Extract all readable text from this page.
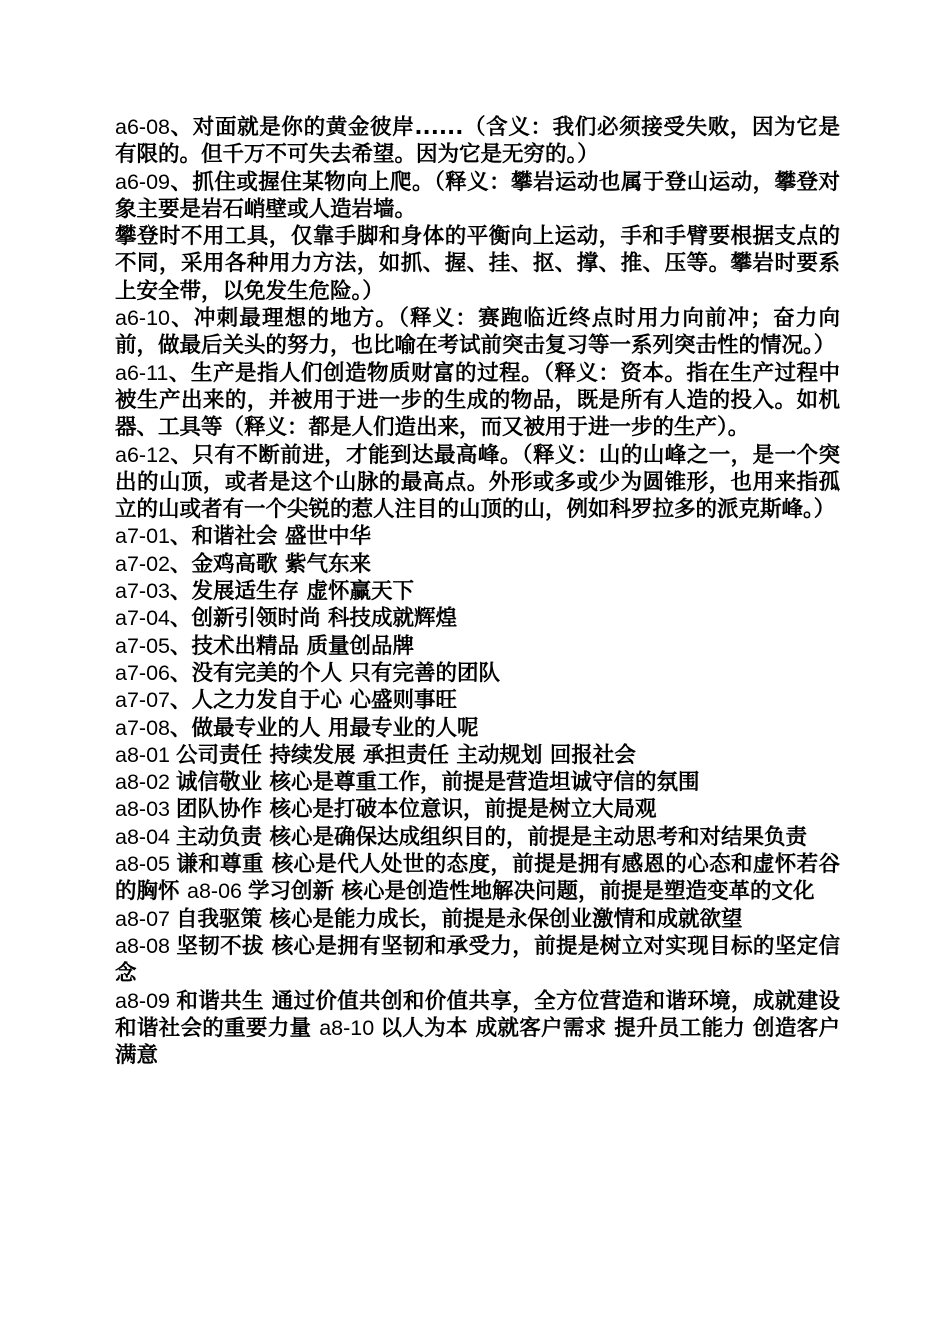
a6-08、对面就是你的黄金彼岸......（含义：我们必须接受失败，因为它是有限的。但千万不可失去希望。因为它是无穷的。）

a6-09、抓住或握住某物向上爬。（释义：攀岩运动也属于登山运动，攀登对象主要是岩石峭壁或人造岩墙。

攀登时不用工具，仅靠手脚和身体的平衡向上运动，手和手臂要根据支点的不同，采用各种用力方法，如抓、握、挂、抠、撑、推、压等。攀岩时要系上安全带，以免发生危险。）

a6-10、冲刺最理想的地方。（释义：赛跑临近终点时用力向前冲；奋力向前，做最后关头的努力，也比喻在考试前突击复习等一系列突击性的情况。）

a6-11、生产是指人们创造物质财富的过程。（释义：资本。指在生产过程中被生产出来的，并被用于进一步的生成的物品，既是所有人造的投入。如机器、工具等（释义：都是人们造出来，而又被用于进一步的生产）。

a6-12、只有不断前进，才能到达最高峰。（释义：山的山峰之一，是一个突出的山顶，或者是这个山脉的最高点。外形或多或少为圆锥形，也用来指孤立的山或者有一个尖锐的惹人注目的山顶的山，例如科罗拉多的派克斯峰。）

a7-01、和谐社会 盛世中华

a7-02、金鸡高歌 紫气东来

a7-03、发展适生存 虚怀赢天下

a7-04、创新引领时尚 科技成就辉煌

a7-05、技术出精品 质量创品牌

a7-06、没有完美的个人 只有完善的团队

a7-07、人之力发自于心 心盛则事旺

a7-08、做最专业的人 用最专业的人呢

a8-01 公司责任 持续发展 承担责任 主动规划 回报社会

a8-02 诚信敬业 核心是尊重工作，前提是营造坦诚守信的氛围

a8-03 团队协作 核心是打破本位意识，前提是树立大局观

a8-04 主动负责 核心是确保达成组织目的，前提是主动思考和对结果负责

a8-05 谦和尊重 核心是代人处世的态度，前提是拥有感恩的心态和虚怀若谷的胸怀 a8-06 学习创新 核心是创造性地解决问题，前提是塑造变革的文化

a8-07 自我驱策 核心是能力成长，前提是永保创业激情和成就欲望

a8-08 坚韧不拔 核心是拥有坚韧和承受力，前提是树立对实现目标的坚定信念

a8-09 和谐共生 通过价值共创和价值共享，全方位营造和谐环境，成就建设和谐社会的重要力量 a8-10 以人为本 成就客户需求 提升员工能力 创造客户满意
